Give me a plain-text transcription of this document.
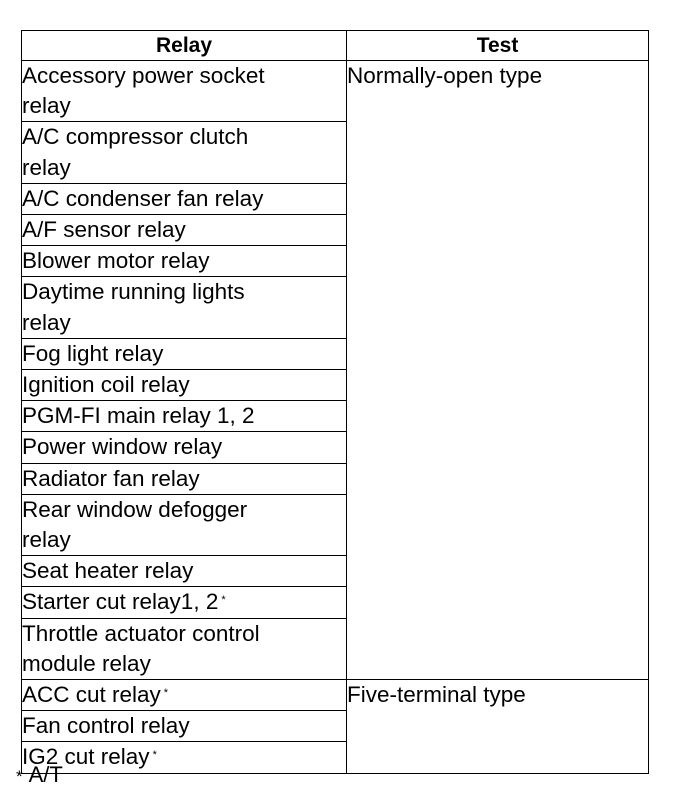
Relay	Test
Accessory power socket
relay	Normally-open type
A/C compressor clutch
relay	
A/C condenser fan relay	
A/F sensor relay	
Blower motor relay	
Daytime running lights
relay	
Fog light relay	
Ignition coil relay	
PGM-FI main relay 1, 2	
Power window relay	
Radiator fan relay	
Rear window defogger
relay	
Seat heater relay	
Starter cut relay1, 2 *
Throttle actuator control
module relay	
ACC cut relay *	Five-terminal type
Fan control relay	
IG2 cut relay *
* A/T
